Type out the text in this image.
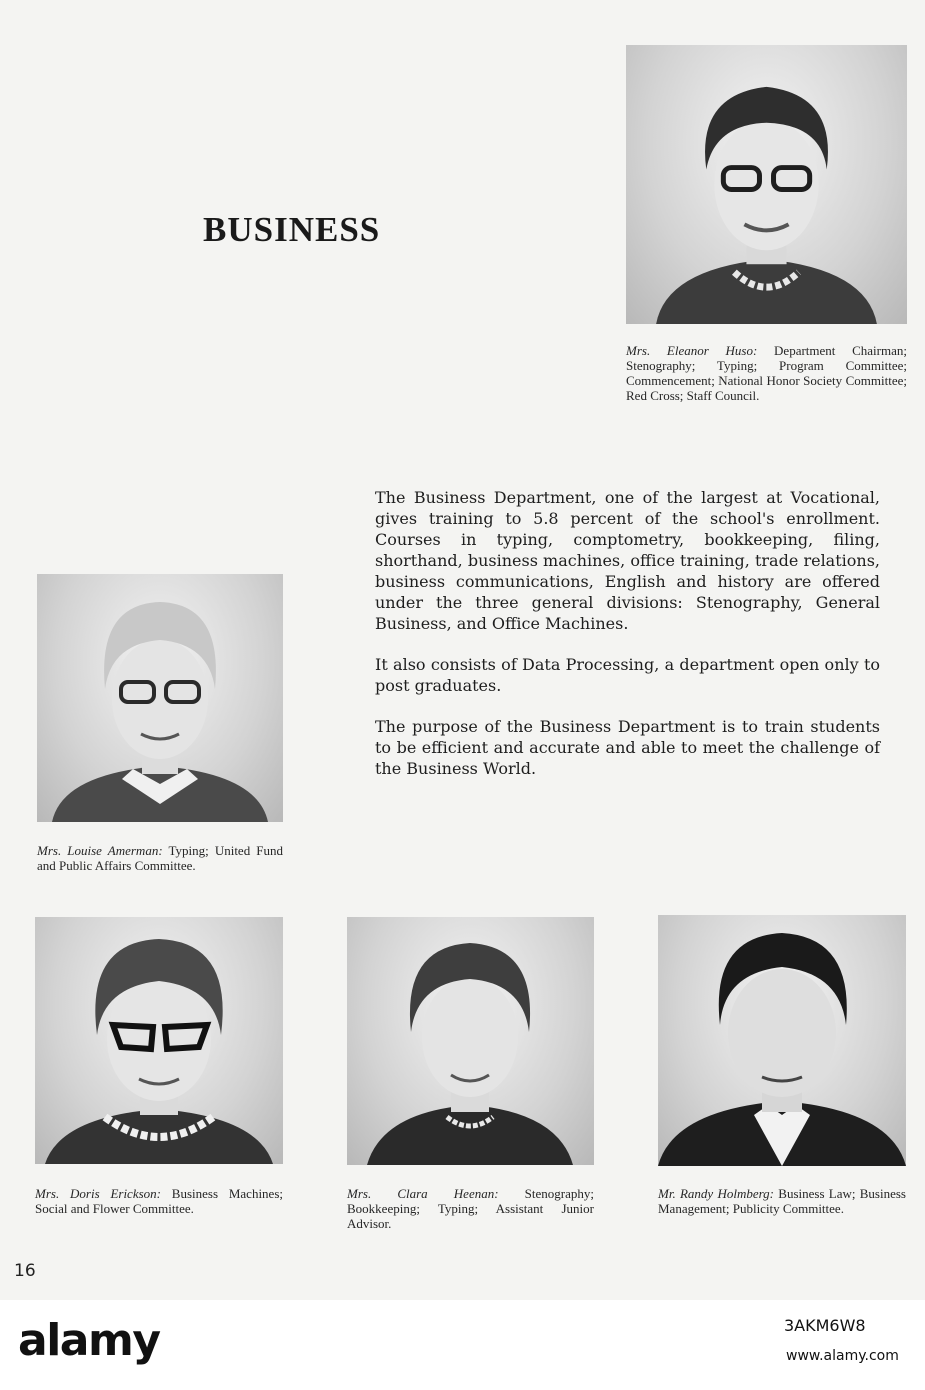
BUSINESS
Mrs. Eleanor Huso: Department Chairman; Stenography; Typing; Program Committee; Commencement; National Honor Society Committee; Red Cross; Staff Council.
Mrs. Louise Amerman: Typing; United Fund and Public Affairs Committee.

The Business Department, one of the largest at Vocational, gives training to 5.8 percent of the school's enrollment. Courses in typing, comptometry, bookkeeping, filing, shorthand, business machines, office training, trade relations, business communications, English and history are offered under the three general divisions: Stenography, General Business, and Office Machines.

It also consists of Data Processing, a department open only to post graduates.

The purpose of the Business Department is to train students to be efficient and accurate and able to meet the challenge of the Business World.

Mrs. Doris Erickson: Business Machines; Social and Flower Committee.
Mrs. Clara Heenan: Stenography; Bookkeeping; Typing; Assistant Junior Advisor.
Mr. Randy Holmberg: Business Law; Business Management; Publicity Committee.
16
alamy	3AKM6W8
www.alamy.com
